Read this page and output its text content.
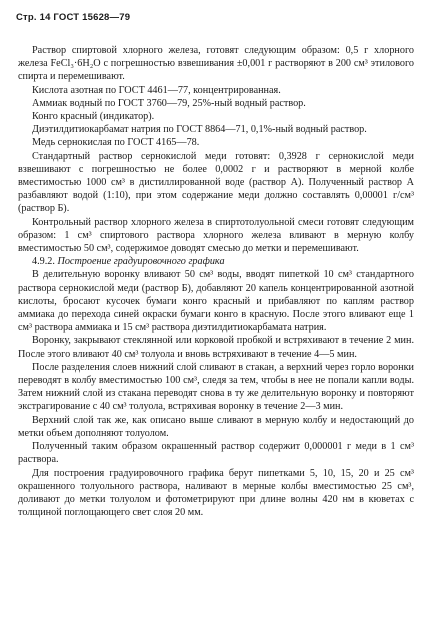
Стр. 14 ГОСТ 15628—79

Раствор спиртовой хлорного железа, готовят следующим образом: 0,5 г хлорного железа FeCl₃·6H₂O с погрешностью взвешивания ±0,001 г растворяют в 200 см³ этилового спирта и перемешивают.

Кислота азотная по ГОСТ 4461—77, концентрированная.

Аммиак водный по ГОСТ 3760—79, 25%-ный водный раствор.

Конго красный (индикатор).

Диэтилдитиокарбамат натрия по ГОСТ 8864—71, 0,1%-ный водный раствор.

Медь сернокислая по ГОСТ 4165—78.

Стандартный раствор сернокислой меди готовят: 0,3928 г сернокислой меди взвешивают с погрешностью не более 0,0002 г и растворяют в мерной колбе вместимостью 1000 см³ в дистиллированной воде (раствор А). Полученный раствор А разбавляют водой (1:10), при этом содержание меди должно составлять 0,00001 г/см³ (раствор Б).

Контрольный раствор хлорного железа в спиртотолуольной смеси готовят следующим образом: 1 см³ спиртового раствора хлорного железа вливают в мерную колбу вместимостью 50 см³, содержимое доводят смесью до метки и перемешивают.

4.9.2. Построение градуировочного графика

В делительную воронку вливают 50 см³ воды, вводят пипеткой 10 см³ стандартного раствора сернокислой меди (раствор Б), добавляют 20 капель концентрированной азотной кислоты, бросают кусочек бумаги конго красный и прибавляют по каплям раствор аммиака до перехода синей окраски бумаги конго в красную. После этого вливают еще 1 см³ раствора аммиака и 15 см³ раствора диэтилдитиокарбамата натрия.

Воронку, закрывают стеклянной или корковой пробкой и встряхивают в течение 2 мин. После этого вливают 40 см³ толуола и вновь встряхивают в течение 4—5 мин.

После разделения слоев нижний слой сливают в стакан, а верхний через горло воронки переводят в колбу вместимостью 100 см³, следя за тем, чтобы в нее не попали капли воды. Затем нижний слой из стакана переводят снова в ту же делительную воронку и повторяют экстрагирование с 40 см³ толуола, встряхивая воронку в течение 2—3 мин.

Верхний слой так же, как описано выше сливают в мерную колбу и недостающий до метки объем дополняют толуолом.

Полученный таким образом окрашенный раствор содержит 0,000001 г меди в 1 см³ раствора.

Для построения градуировочного графика берут пипетками 5, 10, 15, 20 и 25 см³ окрашенного толуольного раствора, наливают в мерные колбы вместимостью 25 см³, доливают до метки толуолом и фотометрируют при длине волны 420 нм в кюветах с толщиной поглощающего свет слоя 20 мм.
